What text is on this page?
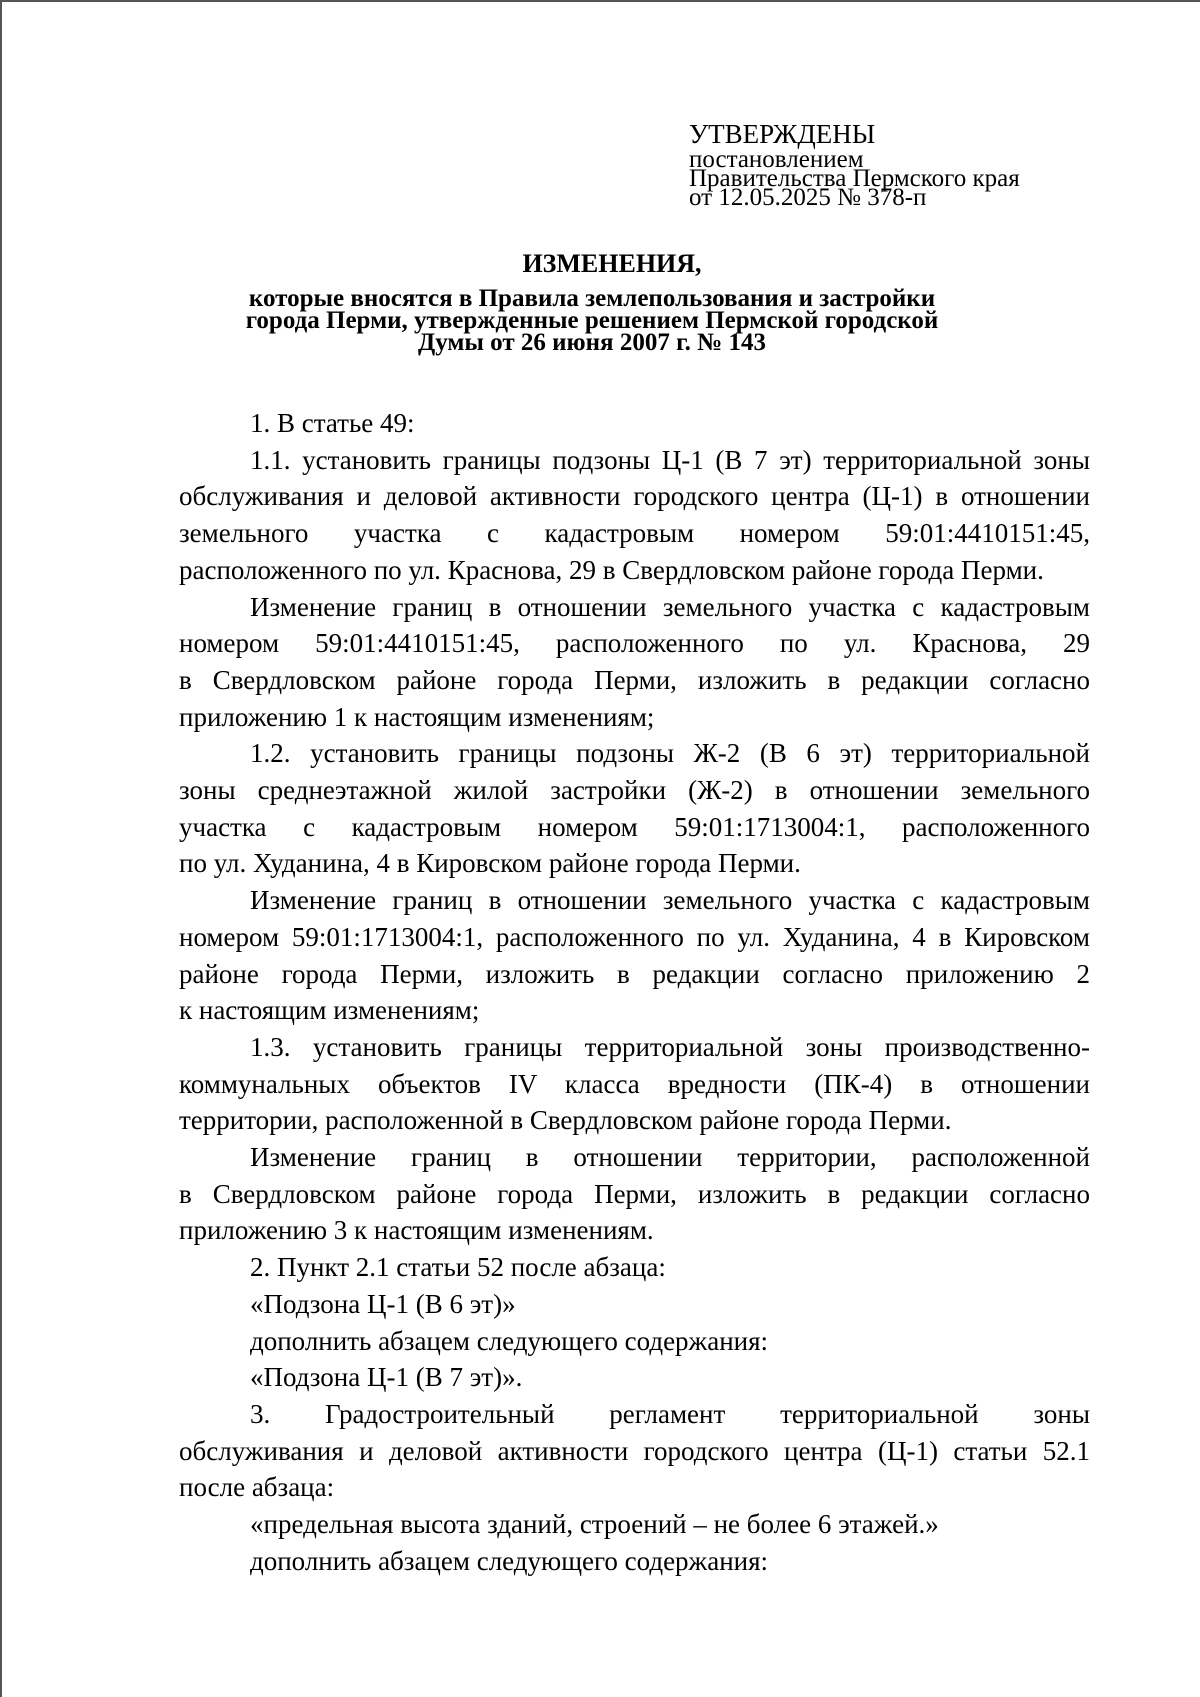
УТВЕРЖДЕНЫ
постановлением
Правительства Пермского края
от 12.05.2025 № 378-п
ИЗМЕНЕНИЯ,
которые вносятся в Правила землепользования и застройки
города Перми, утвержденные решением Пермской городской
Думы от 26 июня 2007 г. № 143
1. В статье 49:
1.1. установить границы подзоны Ц-1 (В 7 эт) территориальной зоны
обслуживания и деловой активности городского центра (Ц-1) в отношении
земельного участка с кадастровым номером 59:01:4410151:45,
расположенного по ул. Краснова, 29 в Свердловском районе города Перми.
Изменение границ в отношении земельного участка с кадастровым
номером 59:01:4410151:45, расположенного по ул. Краснова, 29
в Свердловском районе города Перми, изложить в редакции согласно
приложению 1 к настоящим изменениям;
1.2. установить границы подзоны Ж-2 (В 6 эт) территориальной
зоны среднеэтажной жилой застройки (Ж-2) в отношении земельного
участка с кадастровым номером 59:01:1713004:1, расположенного
по ул. Худанина, 4 в Кировском районе города Перми.
Изменение границ в отношении земельного участка с кадастровым
номером 59:01:1713004:1, расположенного по ул. Худанина, 4 в Кировском
районе города Перми, изложить в редакции согласно приложению 2
к настоящим изменениям;
1.3. установить границы территориальной зоны производственно-
коммунальных объектов IV класса вредности (ПК-4) в отношении
территории, расположенной в Свердловском районе города Перми.
Изменение границ в отношении территории, расположенной
в Свердловском районе города Перми, изложить в редакции согласно
приложению 3 к настоящим изменениям.
2. Пункт 2.1 статьи 52 после абзаца:
«Подзона Ц-1 (В 6 эт)»
дополнить абзацем следующего содержания:
«Подзона Ц-1 (В 7 эт)».
3. Градостроительный регламент территориальной зоны
обслуживания и деловой активности городского центра (Ц-1) статьи 52.1
после абзаца:
«предельная высота зданий, строений – не более 6 этажей.»
дополнить абзацем следующего содержания:
